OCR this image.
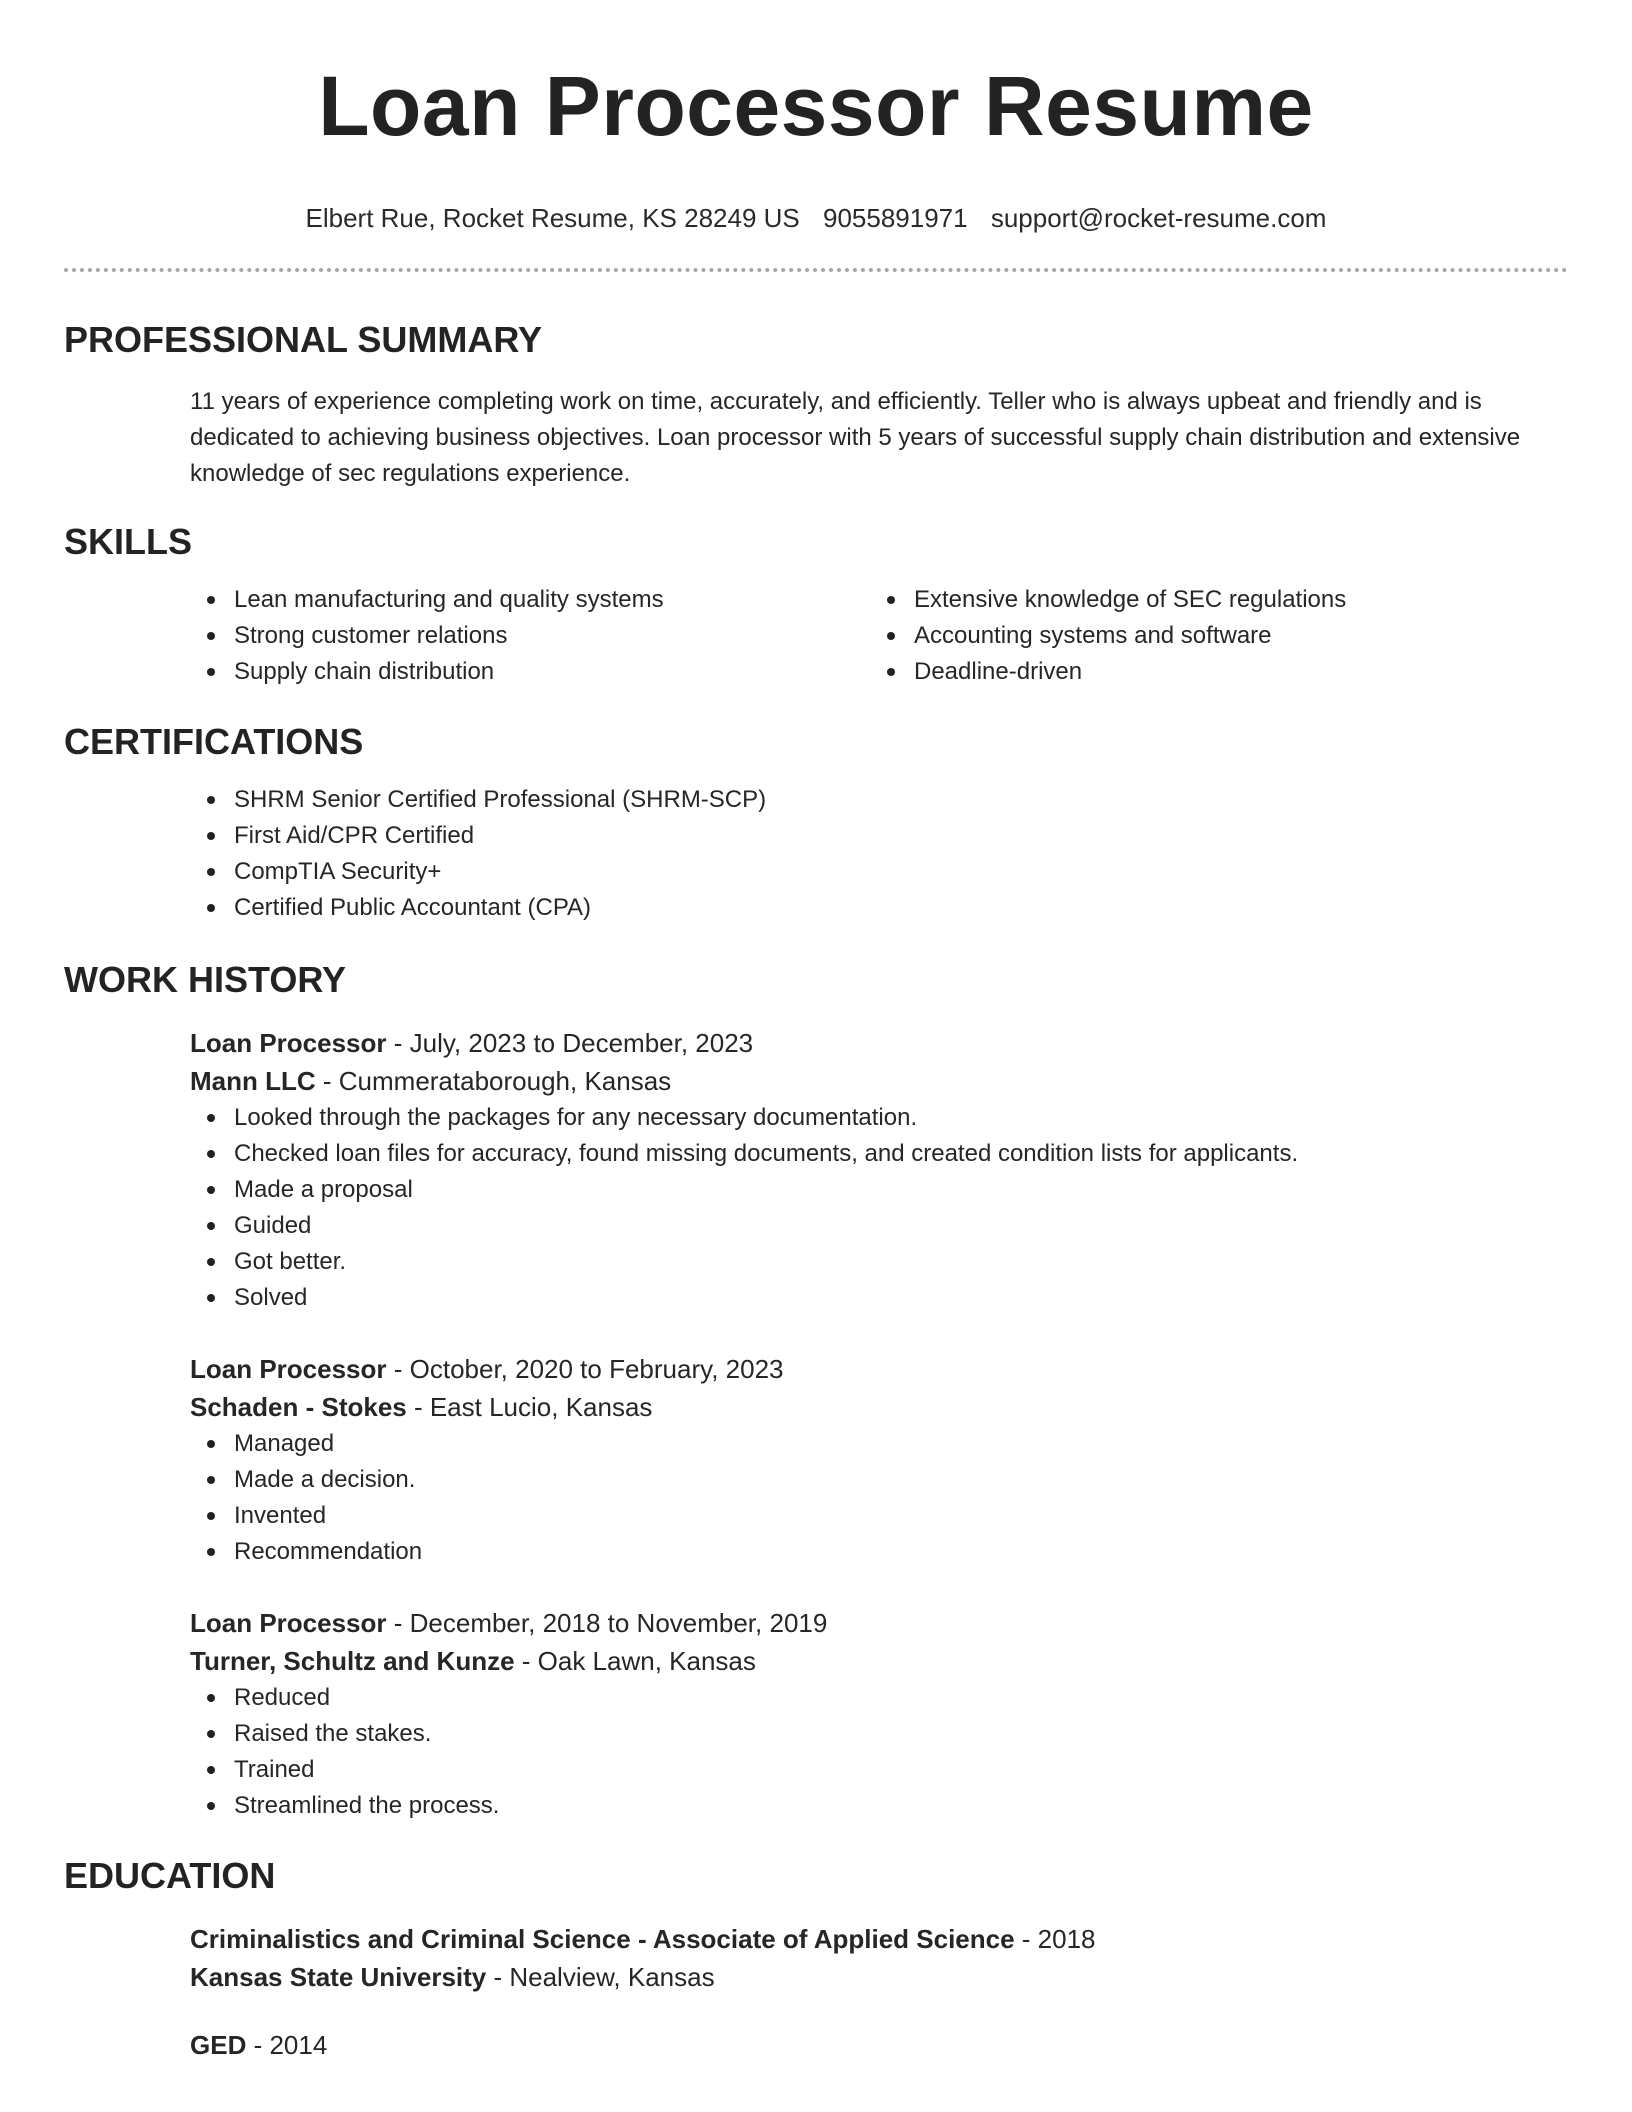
Loan Processor Resume
Elbert Rue, Rocket Resume, KS 28249 US 9055891971 support@rocket-resume.com
PROFESSIONAL SUMMARY
11 years of experience completing work on time, accurately, and efficiently. Teller who is always upbeat and friendly and is dedicated to achieving business objectives. Loan processor with 5 years of successful supply chain distribution and extensive knowledge of sec regulations experience.
SKILLS
Lean manufacturing and quality systems
Strong customer relations
Supply chain distribution
Extensive knowledge of SEC regulations
Accounting systems and software
Deadline-driven
CERTIFICATIONS
SHRM Senior Certified Professional (SHRM-SCP)
First Aid/CPR Certified
CompTIA Security+
Certified Public Accountant (CPA)
WORK HISTORY
Loan Processor - July, 2023 to December, 2023
Mann LLC - Cummerataborough, Kansas
Looked through the packages for any necessary documentation.
Checked loan files for accuracy, found missing documents, and created condition lists for applicants.
Made a proposal
Guided
Got better.
Solved
Loan Processor - October, 2020 to February, 2023
Schaden - Stokes - East Lucio, Kansas
Managed
Made a decision.
Invented
Recommendation
Loan Processor - December, 2018 to November, 2019
Turner, Schultz and Kunze - Oak Lawn, Kansas
Reduced
Raised the stakes.
Trained
Streamlined the process.
EDUCATION
Criminalistics and Criminal Science - Associate of Applied Science - 2018
Kansas State University - Nealview, Kansas
GED - 2014
